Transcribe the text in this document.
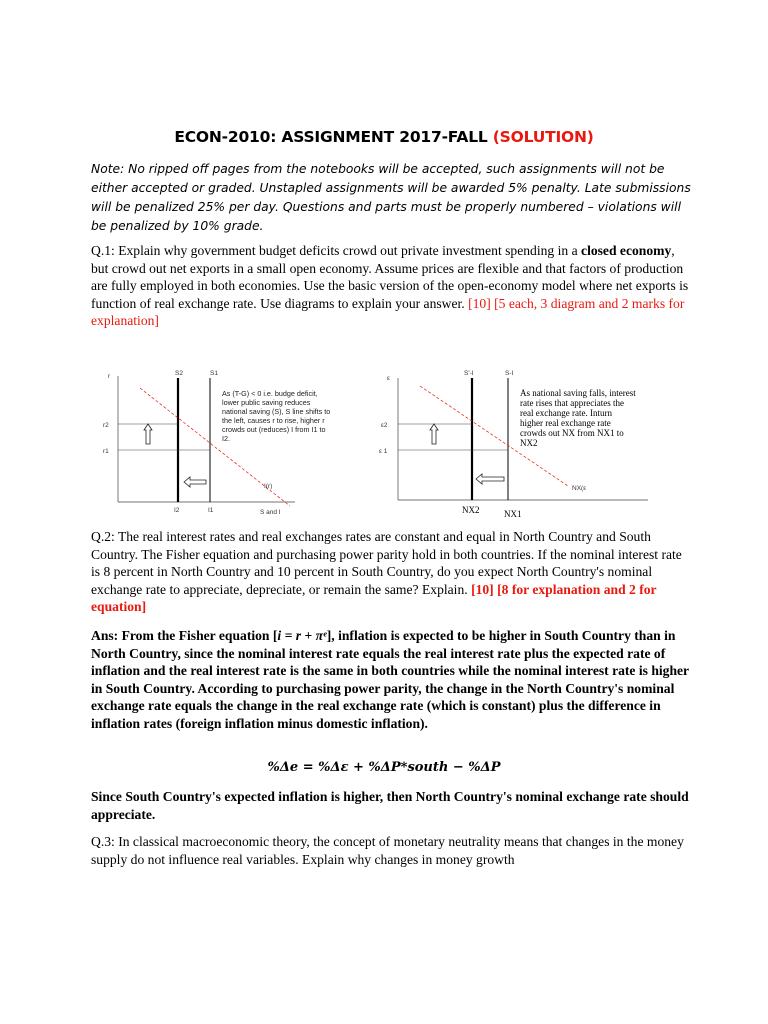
ECON-2010: ASSIGNMENT 2017-FALL (SOLUTION)
Note: No ripped off pages from the notebooks will be accepted, such assignments will not be either accepted or graded. Unstapled assignments will be awarded 5% penalty. Late submissions will be penalized 25% per day. Questions and parts must be properly numbered – violations will be penalized by 10% grade.
Q.1: Explain why government budget deficits crowd out private investment spending in a closed economy, but crowd out net exports in a small open economy. Assume prices are flexible and that factors of production are fully employed in both economies. Use the basic version of the open-economy model where net exports is function of real exchange rate. Use diagrams to explain your answer. [10] [5 each, 3 diagram and 2 marks for explanation]
r	S2	S1
r2
r1
I2	I1	S and I
I(r)
As (T-G) < 0 i.e. budge deficit,
lower public saving reduces
national saving (S), S line shifts to
the left, causes r to rise, higher r
crowds out (reduces) I from I1 to
I2.
ε
S'-I	S-I
ε2
ε 1
NX2	NX1
NX(ε
As national saving falls, interest
rate rises that appreciates the
real exchange rate. Inturn
higher real exchange rate
crowds out NX from NX1 to
NX2
Q.2: The real interest rates and real exchanges rates are constant and equal in North Country and South Country. The Fisher equation and purchasing power parity hold in both countries. If the nominal interest rate is 8 percent in North Country and 10 percent in South Country, do you expect North Country's nominal exchange rate to appreciate, depreciate, or remain the same? Explain. [10] [8 for explanation and 2 for equation]
Ans: From the Fisher equation [i = r + πᵉ], inflation is expected to be higher in South Country than in North Country, since the nominal interest rate equals the real interest rate plus the expected rate of inflation and the real interest rate is the same in both countries while the nominal interest rate is higher in South Country. According to purchasing power parity, the change in the North Country's nominal exchange rate equals the change in the real exchange rate (which is constant) plus the difference in inflation rates (foreign inflation minus domestic inflation).
%Δe = %Δε + %ΔP*south − %ΔP
Since South Country's expected inflation is higher, then North Country's nominal exchange rate should appreciate.
Q.3: In classical macroeconomic theory, the concept of monetary neutrality means that changes in the money supply do not influence real variables. Explain why changes in money growth
